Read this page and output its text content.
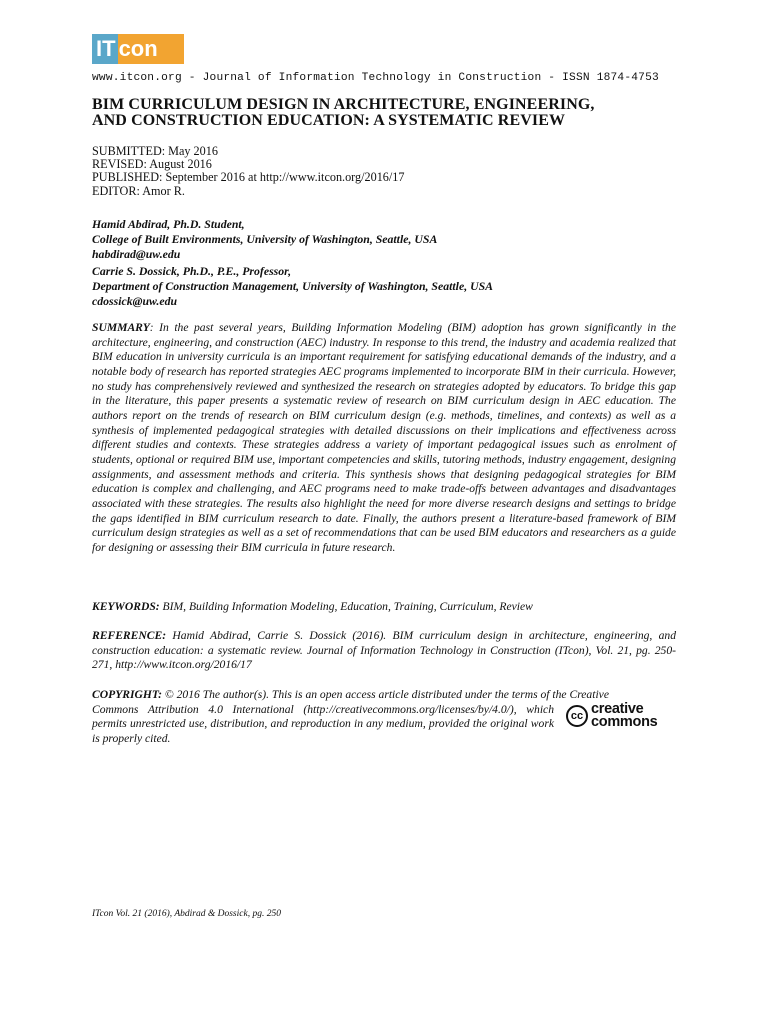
IT con
www.itcon.org - Journal of Information Technology in Construction - ISSN 1874-4753
BIM CURRICULUM DESIGN IN ARCHITECTURE, ENGINEERING,
AND CONSTRUCTION EDUCATION: A SYSTEMATIC REVIEW
SUBMITTED: May 2016
REVISED: August 2016
PUBLISHED: September 2016 at http://www.itcon.org/2016/17
EDITOR: Amor R.
Hamid Abdirad, Ph.D. Student,
College of Built Environments, University of Washington, Seattle, USA
habdirad@uw.edu
Carrie S. Dossick, Ph.D., P.E., Professor,
Department of Construction Management, University of Washington, Seattle, USA
cdossick@uw.edu
SUMMARY: In the past several years, Building Information Modeling (BIM) adoption has grown significantly in the architecture, engineering, and construction (AEC) industry. In response to this trend, the industry and academia realized that BIM education in university curricula is an important requirement for satisfying educational demands of the industry, and a notable body of research has reported strategies AEC programs implemented to incorporate BIM in their curricula. However, no study has comprehensively reviewed and synthesized the research on strategies adopted by educators. To bridge this gap in the literature, this paper presents a systematic review of research on BIM curriculum design in AEC education. The authors report on the trends of research on BIM curriculum design (e.g. methods, timelines, and contexts) as well as a synthesis of implemented pedagogical strategies with detailed discussions on their implications and effectiveness across different studies and contexts. These strategies address a variety of important pedagogical issues such as enrolment of students, optional or required BIM use, important competencies and skills, tutoring methods, industry engagement, designing assignments, and assessment methods and criteria. This synthesis shows that designing pedagogical strategies for BIM education is complex and challenging, and AEC programs need to make trade-offs between advantages and disadvantages associated with these strategies. The results also highlight the need for more diverse research designs and settings to bridge the gaps identified in BIM curriculum research to date. Finally, the authors present a literature-based framework of BIM curriculum design strategies as well as a set of recommendations that can be used BIM educators and researchers as a guide for designing or assessing their BIM curricula in future research.
KEYWORDS: BIM, Building Information Modeling, Education, Training, Curriculum, Review
REFERENCE: Hamid Abdirad, Carrie S. Dossick (2016). BIM curriculum design in architecture, engineering, and construction education: a systematic review. Journal of Information Technology in Construction (ITcon), Vol. 21, pg. 250-271, http://www.itcon.org/2016/17
COPYRIGHT: © 2016 The author(s). This is an open access article distributed under the terms of the Creative
Commons Attribution 4.0 International (http://creativecommons.org/licenses/by/4.0/), which permits unrestricted use, distribution, and reproduction in any medium, provided the original work is properly cited.
cc creative
commons
ITcon Vol. 21 (2016), Abdirad & Dossick, pg. 250
